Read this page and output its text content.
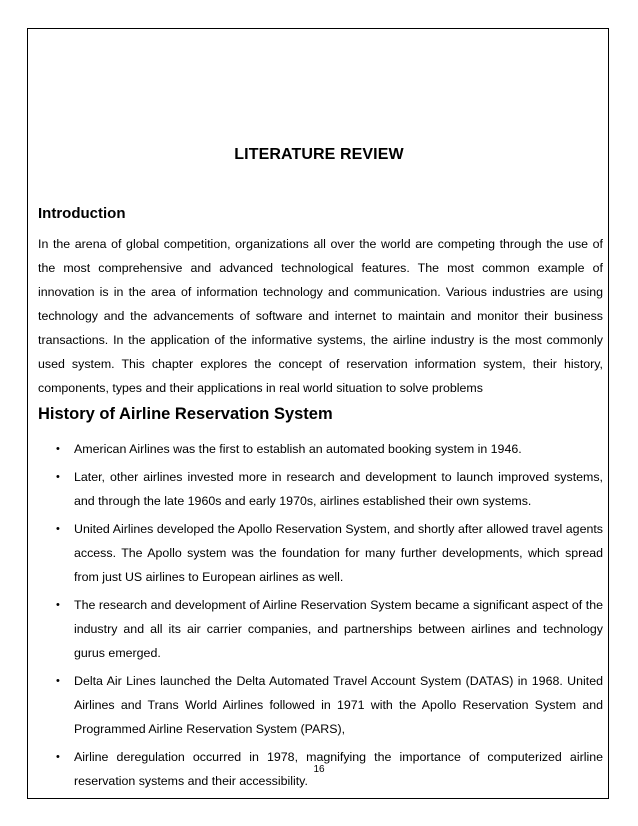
LITERATURE REVIEW
Introduction
In the arena of global competition, organizations all over the world are competing through the use of the most comprehensive and advanced technological features. The most common example of innovation is in the area of information technology and communication. Various industries are using technology and the advancements of software and internet to maintain and monitor their business transactions. In the application of the informative systems, the airline industry is the most commonly used system. This chapter explores the concept of reservation information system, their history, components, types and their applications in real world situation to solve problems
History of Airline Reservation System
• American Airlines was the first to establish an automated booking system in 1946.
• Later, other airlines invested more in research and development to launch improved systems, and through the late 1960s and early 1970s, airlines established their own systems.
• United Airlines developed the Apollo Reservation System, and shortly after allowed travel agents access. The Apollo system was the foundation for many further developments, which spread from just US airlines to European airlines as well.
• The research and development of Airline Reservation System became a significant aspect of the industry and all its air carrier companies, and partnerships between airlines and technology gurus emerged.
• Delta Air Lines launched the Delta Automated Travel Account System (DATAS) in 1968. United Airlines and Trans World Airlines followed in 1971 with the Apollo Reservation System and Programmed Airline Reservation System (PARS),
• Airline deregulation occurred in 1978, magnifying the importance of computerized airline reservation systems and their accessibility.
16
